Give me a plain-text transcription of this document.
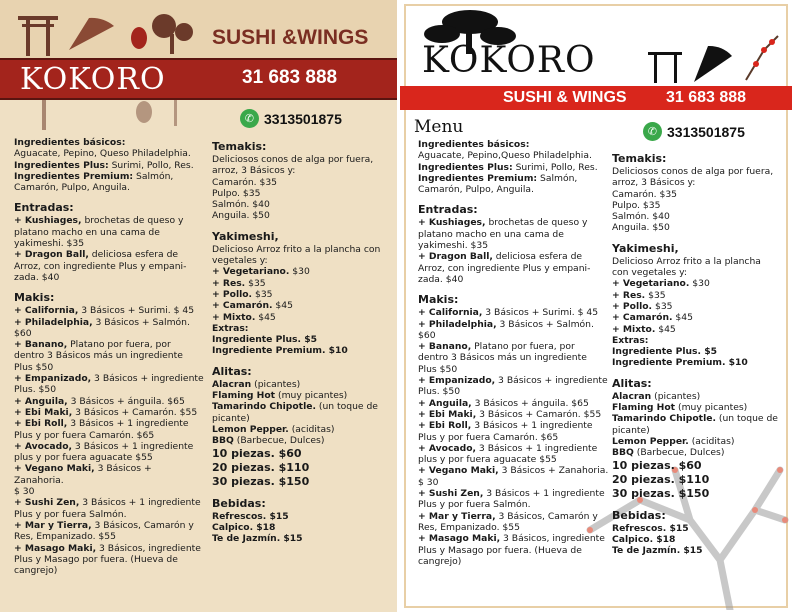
KOKORO
SUSHI &WINGS
31 683 888
✆ 3313501875

Ingredientes básicos:

Aguacate, Pepino, Queso Philadelphia.

Ingredientes Plus: Surimi, Pollo, Res.

Ingredientes Premium: Salmón,

Camarón, Pulpo, Anguila.

Entradas:

+ Kushiages, brochetas de queso y

platano macho en una cama de

yakimeshi. $35

+ Dragon Ball, deliciosa esfera de

Arroz, con ingrediente Plus y empani-

zada. $40

Makis:

+ California, 3 Básicos + Surimi. $ 45

+ Philadelphia, 3 Básicos + Salmón.

$60

+ Banano, Platano por fuera, por

dentro 3 Básicos más un ingrediente

Plus $50

+ Empanizado, 3 Básicos + ingrediente

Plus. $50

+ Anguila, 3 Básicos + ánguila. $65

+ Ebi Maki, 3 Básicos + Camarón. $55

+ Ebi Roll, 3 Básicos + 1 ingrediente

Plus y por fuera Camarón. $65

+ Avocado, 3 Básicos + 1 ingrediente

plus y por fuera aguacate $55

+ Vegano Maki, 3 Básicos + Zanahoria.

$ 30

+ Sushi Zen, 3 Básicos + 1 ingrediente

Plus y por fuera Salmón.

+ Mar y Tierra, 3 Básicos, Camarón y

Res, Empanizado. $55

+ Masago Maki, 3 Básicos, ingrediente

Plus y Masago por fuera. (Hueva de

cangrejo)

Temakis:

Deliciosos conos de alga por fuera,

arroz, 3 Básicos y:

Camarón. $35

Pulpo. $35

Salmón. $40

Anguila. $50

Yakimeshi,

Delicioso Arroz frito a la plancha con

vegetales y:

+ Vegetariano. $30

+ Res. $35

+ Pollo. $35

+ Camarón. $45

+ Mixto. $45

Extras:

Ingrediente Plus. $5

Ingrediente Premium. $10

Alitas:

Alacran (picantes)

Flaming Hot (muy picantes)

Tamarindo Chipotle. (un toque de

picante)

Lemon Pepper. (aciditas)

BBQ (Barbecue, Dulces)

10 piezas. $60

20 piezas. $110

30 piezas. $150

Bebidas:

Refrescos. $15

Calpico. $18

Te de Jazmín. $15

KOKORO
SUSHI & WINGS 31 683 888
Menu	✆ 3313501875

Ingredientes básicos:

Aguacate, Pepino,Queso Philadelphia.

Ingredientes Plus: Surimi, Pollo, Res.

Ingredientes Premium: Salmón,

Camarón, Pulpo, Anguila.

Entradas:

+ Kushiages, brochetas de queso y

platano macho en una cama de

yakimeshi. $35

+ Dragon Ball, deliciosa esfera de

Arroz, con ingrediente Plus y empani-

zada. $40

Makis:

+ California, 3 Básicos + Surimi. $ 45

+ Philadelphia, 3 Básicos + Salmón.

$60

+ Banano, Platano por fuera, por

dentro 3 Básicos más un ingrediente

Plus $50

+ Empanizado, 3 Básicos + ingrediente

Plus. $50

+ Anguila, 3 Básicos + ánguila. $65

+ Ebi Maki, 3 Básicos + Camarón. $55

+ Ebi Roll, 3 Básicos + 1 ingrediente

Plus y por fuera Camarón. $65

+ Avocado, 3 Básicos + 1 ingrediente

plus y por fuera aguacate $55

+ Vegano Maki, 3 Básicos + Zanahoria.

$ 30

+ Sushi Zen, 3 Básicos + 1 ingrediente

Plus y por fuera Salmón.

+ Mar y Tierra, 3 Básicos, Camarón y

Res, Empanizado. $55

+ Masago Maki, 3 Básicos, ingrediente

Plus y Masago por fuera. (Hueva de

cangrejo)

Temakis:

Deliciosos conos de alga por fuera,

arroz, 3 Básicos y:

Camarón. $35

Pulpo. $35

Salmón. $40

Anguila. $50

Yakimeshi,

Delicioso Arroz frito a la plancha

con vegetales y:

+ Vegetariano. $30

+ Res. $35

+ Pollo. $35

+ Camarón. $45

+ Mixto. $45

Extras:

Ingrediente Plus. $5

Ingrediente Premium. $10

Alitas:

Alacran (picantes)

Flaming Hot (muy picantes)

Tamarindo Chipotle. (un toque de

picante)

Lemon Pepper. (aciditas)

BBQ (Barbecue, Dulces)

10 piezas. $60

20 piezas. $110

30 piezas. $150

Bebidas:

Refrescos. $15

Calpico. $18

Te de Jazmín. $15
